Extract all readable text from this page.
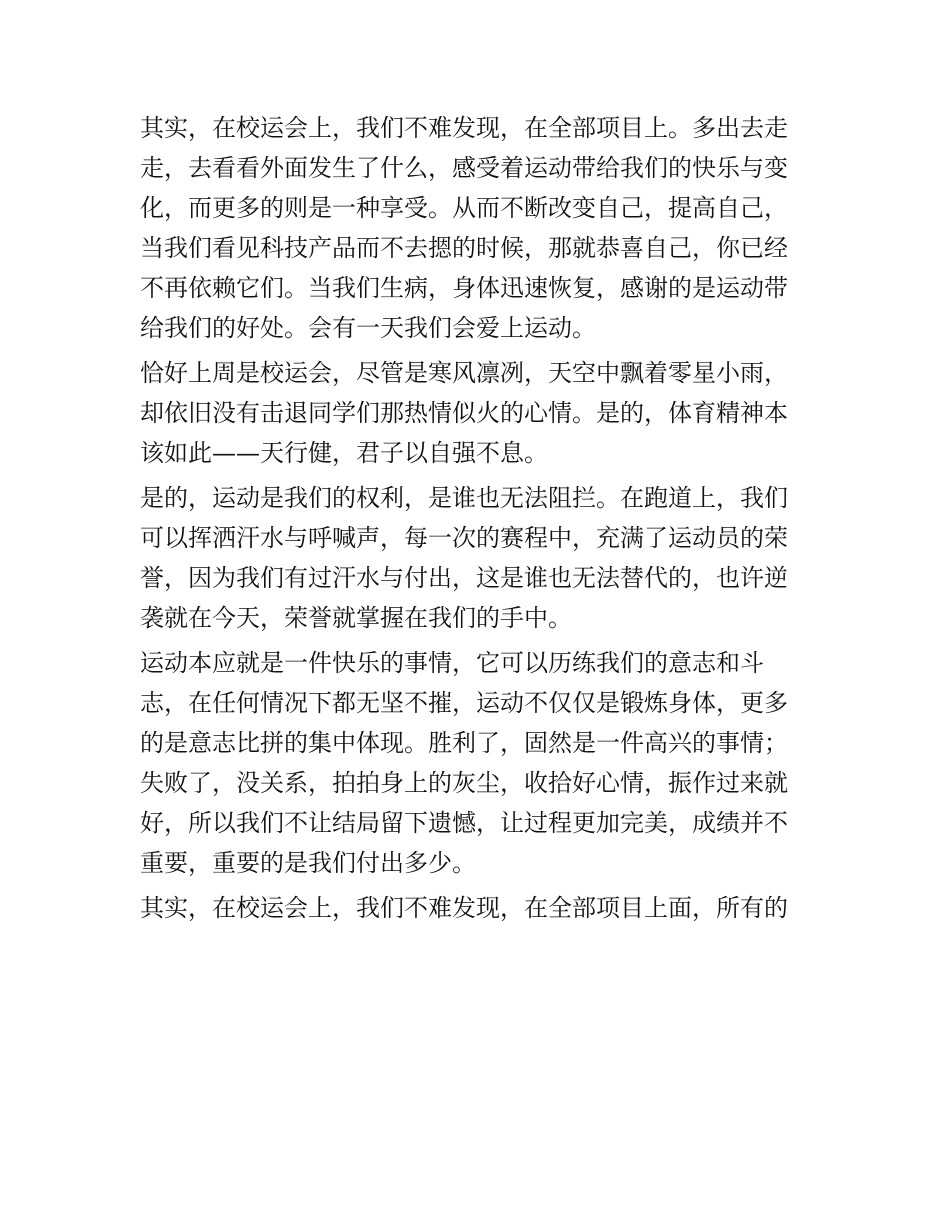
其实，在校运会上，我们不难发现，在全部项目上。多出去走
走，去看看外面发生了什么，感受着运动带给我们的快乐与变
化，而更多的则是一种享受。从而不断改变自己，提高自己，
当我们看见科技产品而不去摁的时候，那就恭喜自己，你已经
不再依赖它们。当我们生病，身体迅速恢复，感谢的是运动带
给我们的好处。会有一天我们会爱上运动。
恰好上周是校运会，尽管是寒风凛冽，天空中飘着零星小雨，
却依旧没有击退同学们那热情似火的心情。是的，体育精神本
该如此——天行健，君子以自强不息。
是的，运动是我们的权利，是谁也无法阻拦。在跑道上，我们
可以挥洒汗水与呼喊声，每一次的赛程中，充满了运动员的荣
誉，因为我们有过汗水与付出，这是谁也无法替代的，也许逆
袭就在今天，荣誉就掌握在我们的手中。
运动本应就是一件快乐的事情，它可以历练我们的意志和斗
志，在任何情况下都无坚不摧，运动不仅仅是锻炼身体，更多
的是意志比拼的集中体现。胜利了，固然是一件高兴的事情；
失败了，没关系，拍拍身上的灰尘，收拾好心情，振作过来就
好，所以我们不让结局留下遗憾，让过程更加完美，成绩并不
重要，重要的是我们付出多少。
其实，在校运会上，我们不难发现，在全部项目上面，所有的
